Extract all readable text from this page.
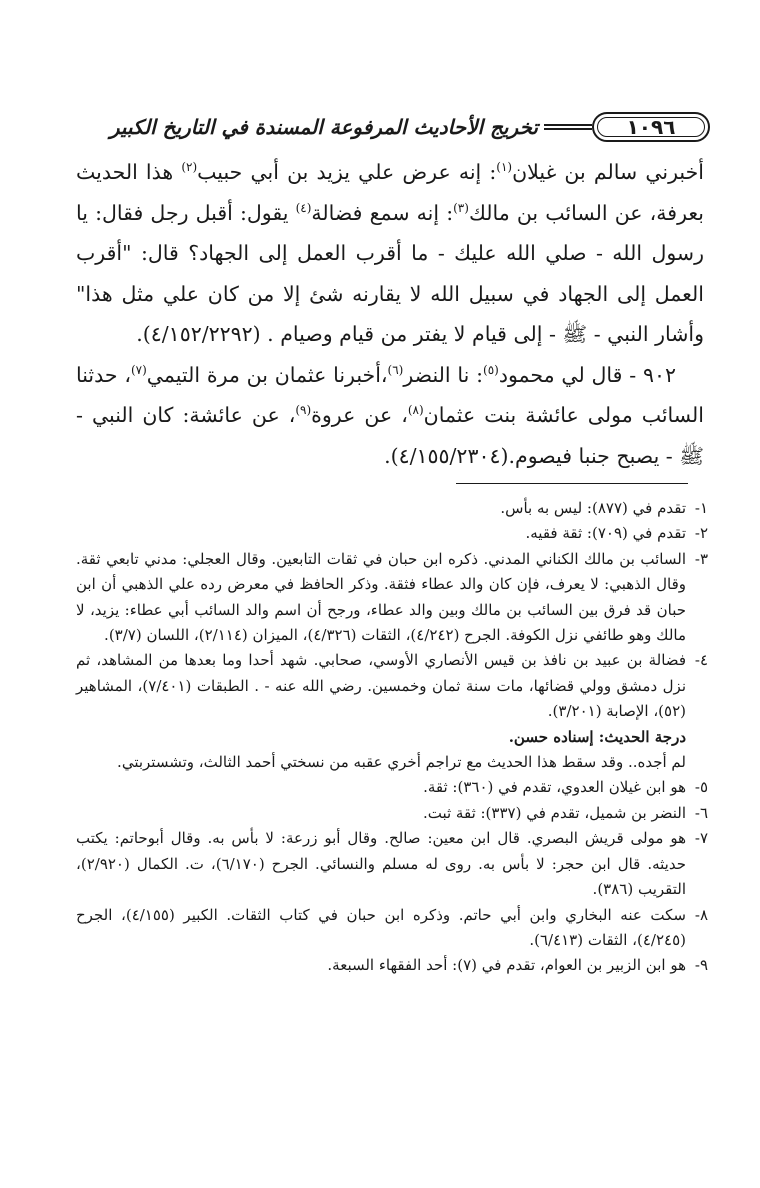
١٠٩٦
تخريج الأحاديث المرفوعة المسندة في التاريخ الكبير

أخبرني سالم بن غيلان$^{(١)}$: إنه عرض علي يزيد بن أبي حبيب$^{(٢)}$ هذا الحديث بعرفة، عن السائب بن مالك$^{(٣)}$: إنه سمع فضالة$^{(٤)}$ يقول: أقبل رجل فقال: يا رسول الله - صلي الله عليك - ما أقرب العمل إلى الجهاد؟ قال: "أقرب العمل إلى الجهاد في سبيل الله لا يقارنه شئ إلا من كان علي مثل هذا" وأشار النبي - ﷺ - إلى قيام لا يفتر من قيام وصيام . (٤/١٥٢/٢٢٩٢).

٩٠٢ - قال لي محمود$^{(٥)}$: نا النضر$^{(٦)}$،أخبرنا عثمان بن مرة التيمي$^{(٧)}$، حدثنا السائب مولى عائشة بنت عثمان$^{(٨)}$، عن عروة$^{(٩)}$، عن عائشة: كان النبي - ﷺ - يصبح جنبا فيصوم.(٤/١٥٥/٢٣٠٤).

١-
تقدم في (٨٧٧): ليس به بأس.
٢-
تقدم في (٧٠٩): ثقة فقيه.
٣-
السائب بن مالك الكناني المدني. ذكره ابن حبان في ثقات التابعين. وقال العجلي: مدني تابعي ثقة. وقال الذهبي: لا يعرف، فإن كان والد عطاء فثقة. وذكر الحافظ في معرض رده علي الذهبي أن ابن حبان قد فرق بين السائب بن مالك وبين والد عطاء، ورجح أن اسم والد السائب أبي عطاء: يزيد، لا مالك وهو طائفي نزل الكوفة. الجرح (٤/٢٤٢)، الثقات (٤/٣٢٦)، الميزان (٢/١١٤)، اللسان (٣/٧).
٤-
فضالة بن عبيد بن نافذ بن قيس الأنصاري الأوسي، صحابي. شهد أحدا وما بعدها من المشاهد، ثم نزل دمشق وولي قضائها، مات سنة ثمان وخمسين. رضي الله عنه - . الطبقات (٧/٤٠١)، المشاهير (٥٢)، الإصابة (٣/٢٠١).
درجة الحديث: إسناده حسن.
لم أجده.. وقد سقط هذا الحديث مع تراجم أخري عقبه من نسختي أحمد الثالث، وتشستربتي.
٥-
هو ابن غيلان العدوي، تقدم في (٣٦٠): ثقة.
٦-
النضر بن شميل، تقدم في (٣٣٧): ثقة ثبت.
٧-
هو مولى قريش البصري. قال ابن معين: صالح. وقال أبو زرعة: لا بأس به. وقال أبوحاتم: يكتب حديثه. قال ابن حجر: لا بأس به. روى له مسلم والنسائي. الجرح (٦/١٧٠)، ت. الكمال (٢/٩٢٠)، التقريب (٣٨٦).
٨-
سكت عنه البخاري وابن أبي حاتم. وذكره ابن حبان في كتاب الثقات. الكبير (٤/١٥٥)، الجرح (٤/٢٤٥)، الثقات (٦/٤١٣).
٩-
هو ابن الزبير بن العوام، تقدم في (٧): أحد الفقهاء السبعة.
